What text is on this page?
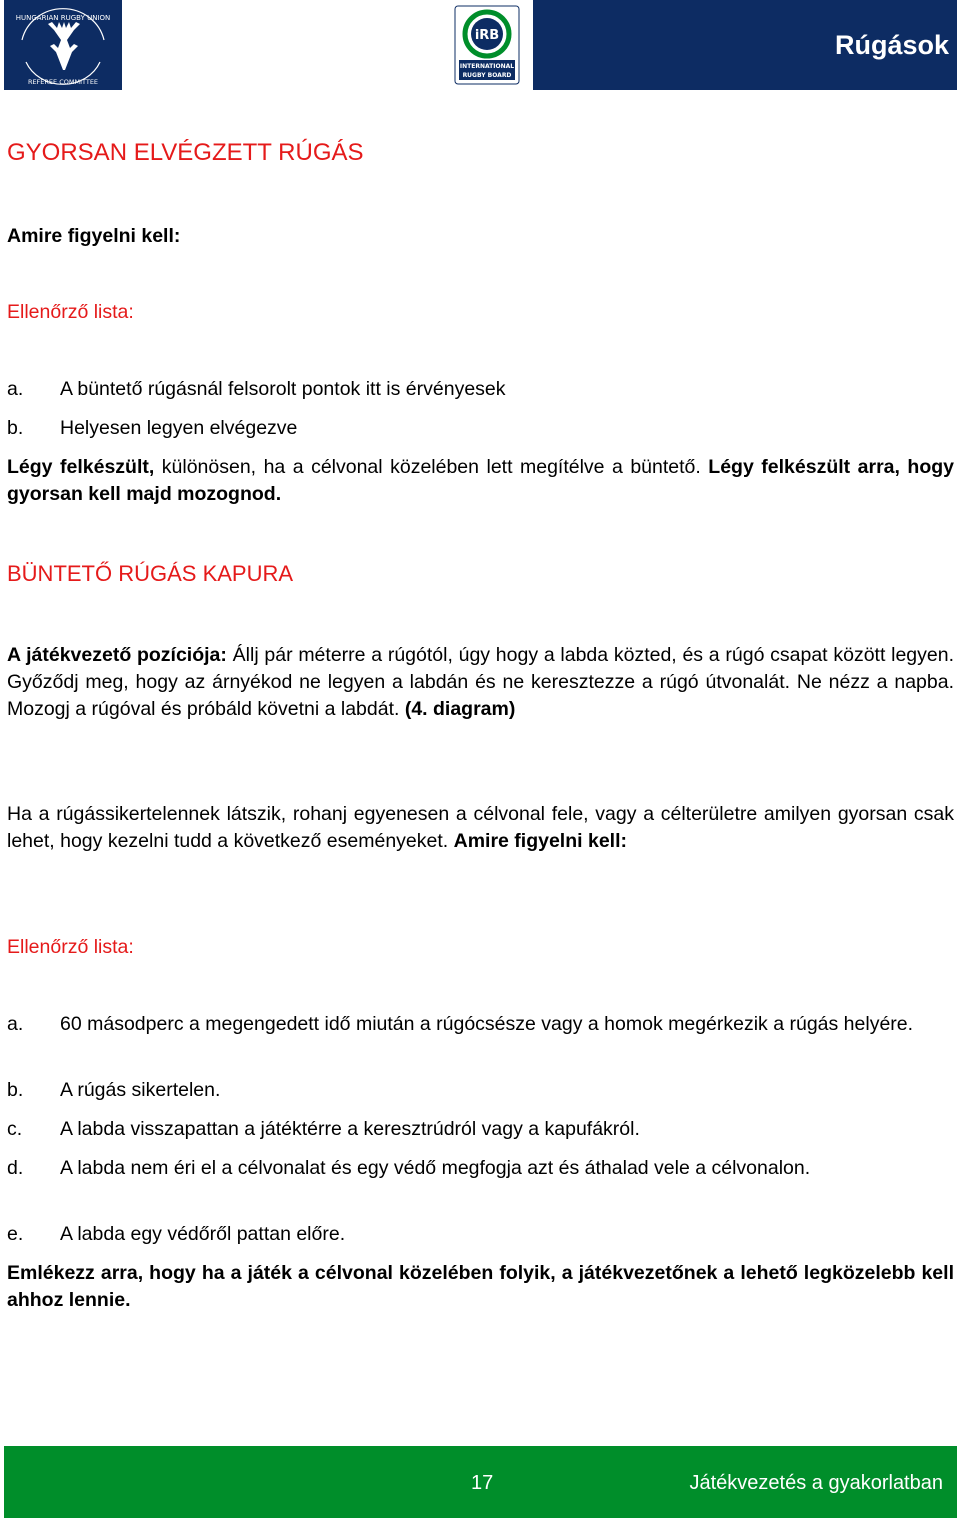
HUNGARIAN RUGBY UNION
REFEREE COMMITTEE
iRB
INTERNATIONAL
RUGBY BOARD
Rúgások
GYORSAN ELVÉGZETT RÚGÁS
Amire figyelni kell:
Ellenőrző lista:
a.	A büntető rúgásnál felsorolt pontok itt is érvényesek
b.	Helyesen legyen elvégezve
Légy felkészült, különösen, ha a célvonal közelében lett megítélve a büntető. Légy felkészült arra, hogy gyorsan kell majd mozognod.
BÜNTETŐ RÚGÁS KAPURA
A játékvezető pozíciója: Állj pár méterre a rúgótól, úgy hogy a labda közted, és a rúgó csapat között legyen. Győződj meg, hogy az árnyékod ne legyen a labdán és ne keresztezze a rúgó útvonalát. Ne nézz a napba. Mozogj a rúgóval és próbáld követni a labdát. (4. diagram)
Ha a rúgássikertelennek látszik, rohanj egyenesen a célvonal fele, vagy a célterületre amilyen gyorsan csak lehet, hogy kezelni tudd a következő eseményeket. Amire figyelni kell:
Ellenőrző lista:
a.	60 másodperc a megengedett idő miután a rúgócsésze vagy a homok megérkezik a rúgás helyére.
b.	A rúgás sikertelen.
c.	A labda visszapattan a játéktérre a keresztrúdról vagy a kapufákról.
d.	A labda nem éri el a célvonalat és egy védő megfogja azt és áthalad vele a célvonalon.
e.	A labda egy védőről pattan előre.
Emlékezz arra, hogy ha a játék a célvonal közelében folyik, a játékvezetőnek a lehető legközelebb kell ahhoz lennie.
17	Játékvezetés a gyakorlatban
